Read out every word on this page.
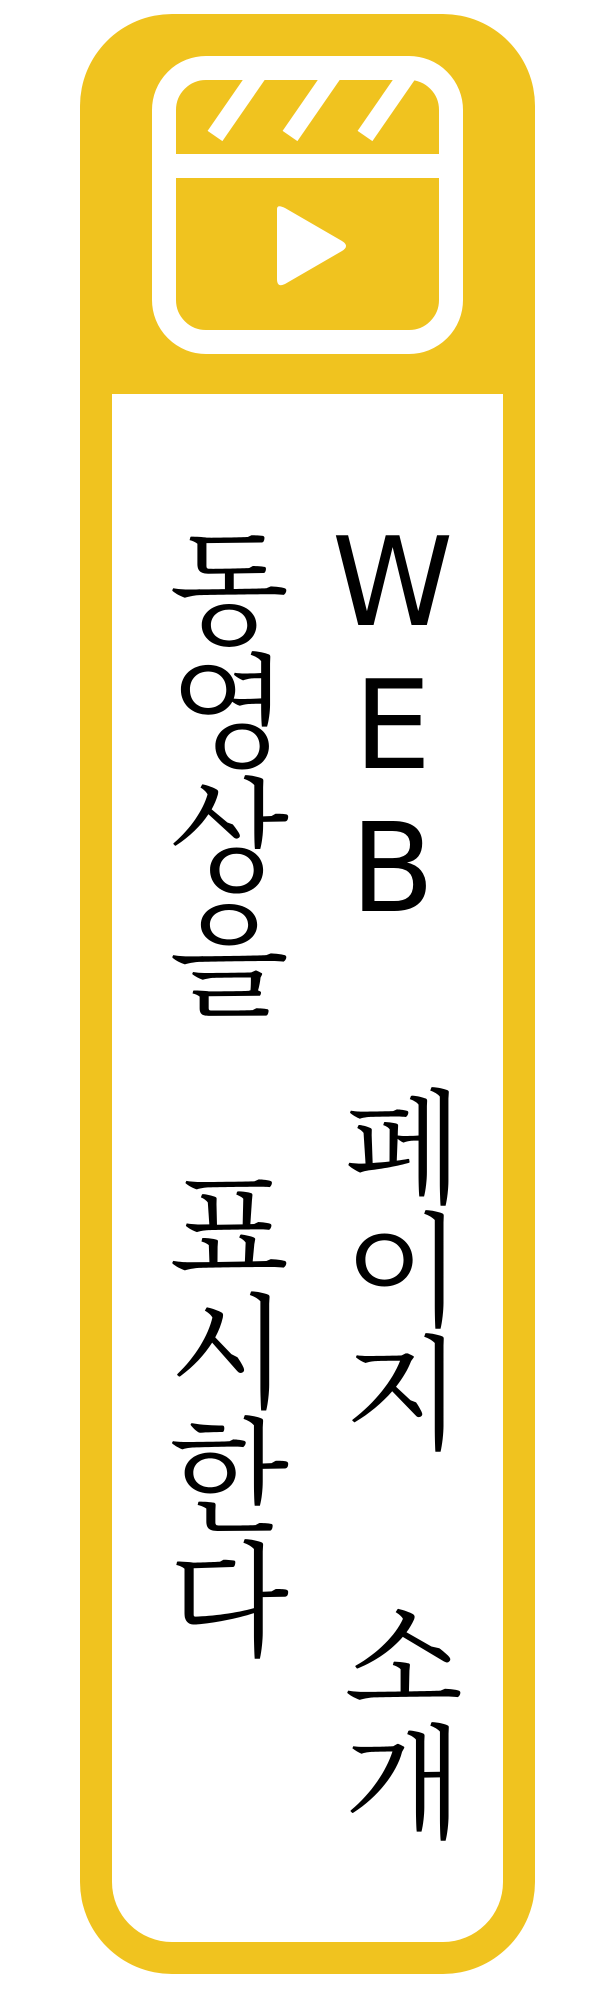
WEB 페이지 소개
동영상을 표시한다
